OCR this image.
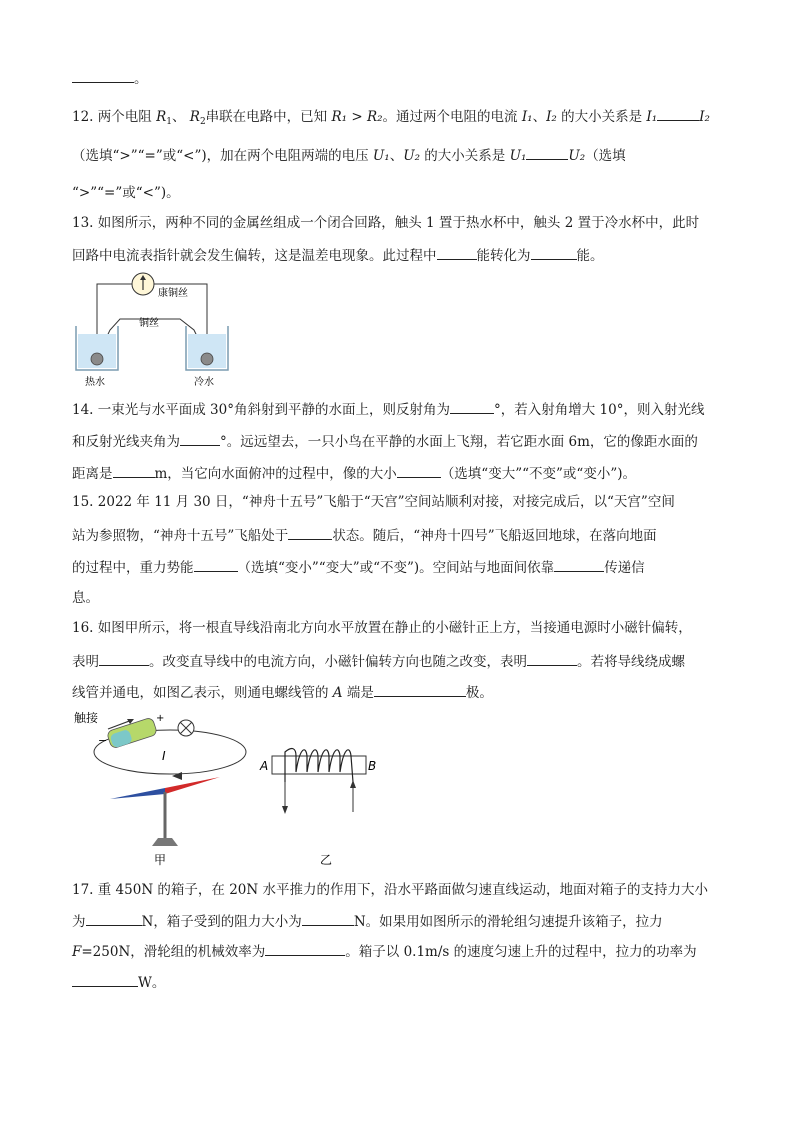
。
12. 两个电阻 $R_1$、 $R_2$串联在电路中，已知 R₁ > R₂。通过两个电阻的电流 I₁、I₂ 的大小关系是 I₁	I₂
（选填“>”“=”或“<”)，加在两个电阻两端的电压 U₁、U₂ 的大小关系是 U₁	U₂（选填
“>”“=”或“<”)。
13. 如图所示，两种不同的金属丝组成一个闭合回路，触头 1 置于热水杯中，触头 2 置于冷水杯中，此时
回路中电流表指针就会发生偏转，这是温差电现象。此过程中	能转化为	能。
康铜丝
铜丝
热水	冷水
14. 一束光与水平面成 30°角斜射到平静的水面上，则反射角为	°，若入射角增大 10°，则入射光线
和反射光线夹角为	°。远远望去，一只小鸟在平静的水面上飞翔，若它距水面 6m，它的像距水面的
距离是	m，当它向水面俯冲的过程中，像的大小	（选填“变大”“不变”或“变小”)。
15. 2022 年 11 月 30 日，“神舟十五号”飞船于“天宫”空间站顺利对接，对接完成后，以“天宫”空间
站为参照物，“神舟十五号”飞船处于	状态。随后，“神舟十四号”飞船返回地球，在落向地面
的过程中，重力势能	（选填“变小”“变大”或“不变”)。空间站与地面间依靠	传递信
息。
16. 如图甲所示，将一根直导线沿南北方向水平放置在静止的小磁针正上方，当接通电源时小磁针偏转，
表明	。改变直导线中的电流方向，小磁针偏转方向也随之改变，表明	。若将导线绕成螺
线管并通电，如图乙表示，则通电螺线管的 A 端是	极。
触接	+
−
I
甲
A	B
乙
17. 重 450N 的箱子，在 20N 水平推力的作用下，沿水平路面做匀速直线运动，地面对箱子的支持力大小
为	N，箱子受到的阻力大小为	N。如果用如图所示的滑轮组匀速提升该箱子，拉力
F=250N，滑轮组的机械效率为	。箱子以 0.1m/s 的速度匀速上升的过程中，拉力的功率为
W。
